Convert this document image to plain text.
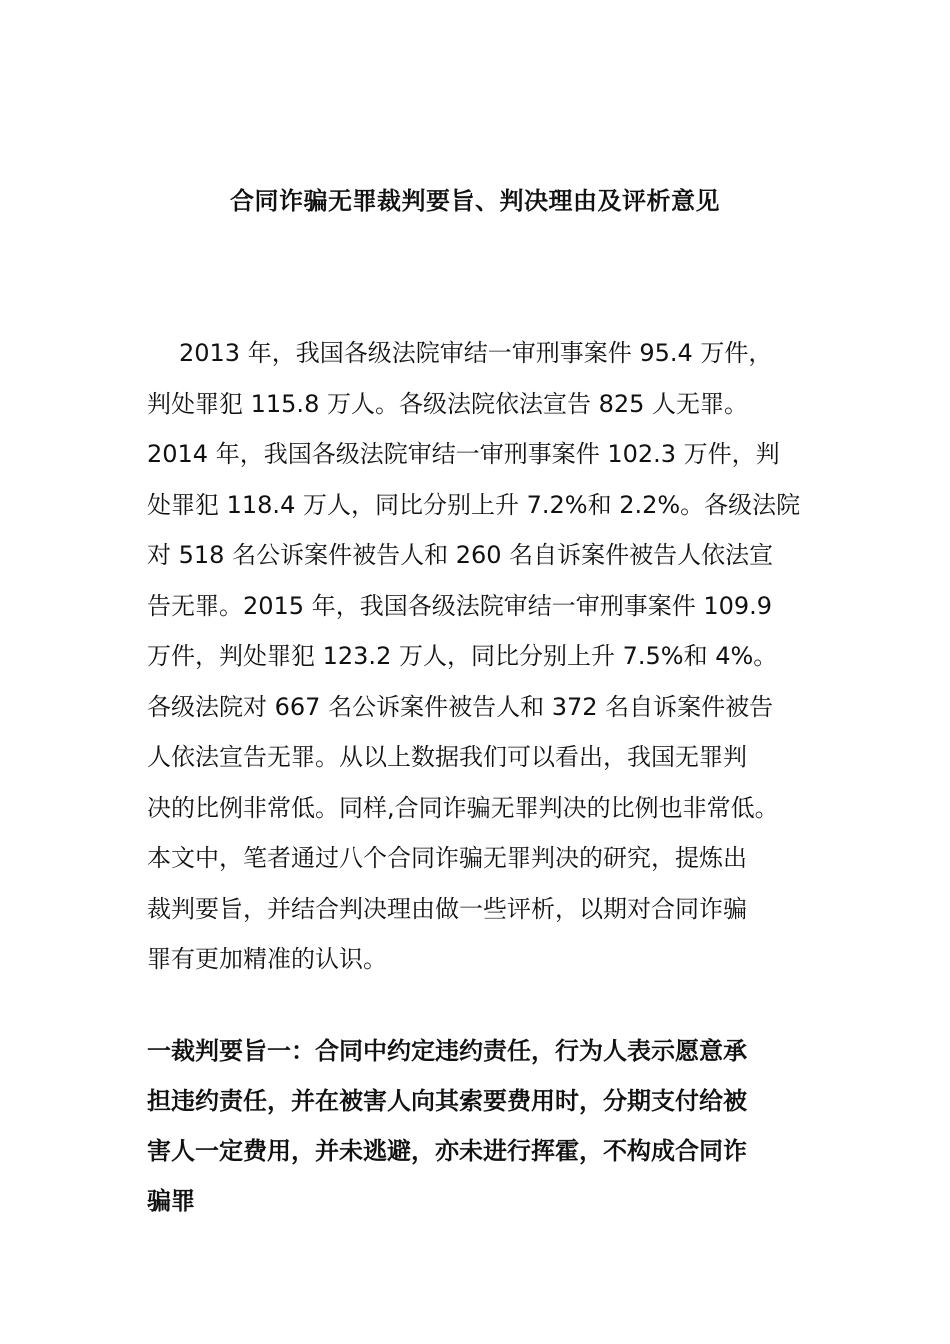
合同诈骗无罪裁判要旨、判决理由及评析意见
2013 年，我国各级法院审结一审刑事案件 95.4 万件，
判处罪犯 115.8 万人。各级法院依法宣告 825 人无罪。
2014 年，我国各级法院审结一审刑事案件 102.3 万件，判
处罪犯 118.4 万人，同比分别上升 7.2%和 2.2%。各级法院
对 518 名公诉案件被告人和 260 名自诉案件被告人依法宣
告无罪。2015 年，我国各级法院审结一审刑事案件 109.9
万件，判处罪犯 123.2 万人，同比分别上升 7.5%和 4%。
各级法院对 667 名公诉案件被告人和 372 名自诉案件被告
人依法宣告无罪。从以上数据我们可以看出，我国无罪判
决的比例非常低。同样,合同诈骗无罪判决的比例也非常低。
本文中，笔者通过八个合同诈骗无罪判决的研究，提炼出
裁判要旨，并结合判决理由做一些评析，以期对合同诈骗
罪有更加精准的认识。
一裁判要旨一：合同中约定违约责任，行为人表示愿意承
担违约责任，并在被害人向其索要费用时，分期支付给被
害人一定费用，并未逃避，亦未进行挥霍，不构成合同诈
骗罪
